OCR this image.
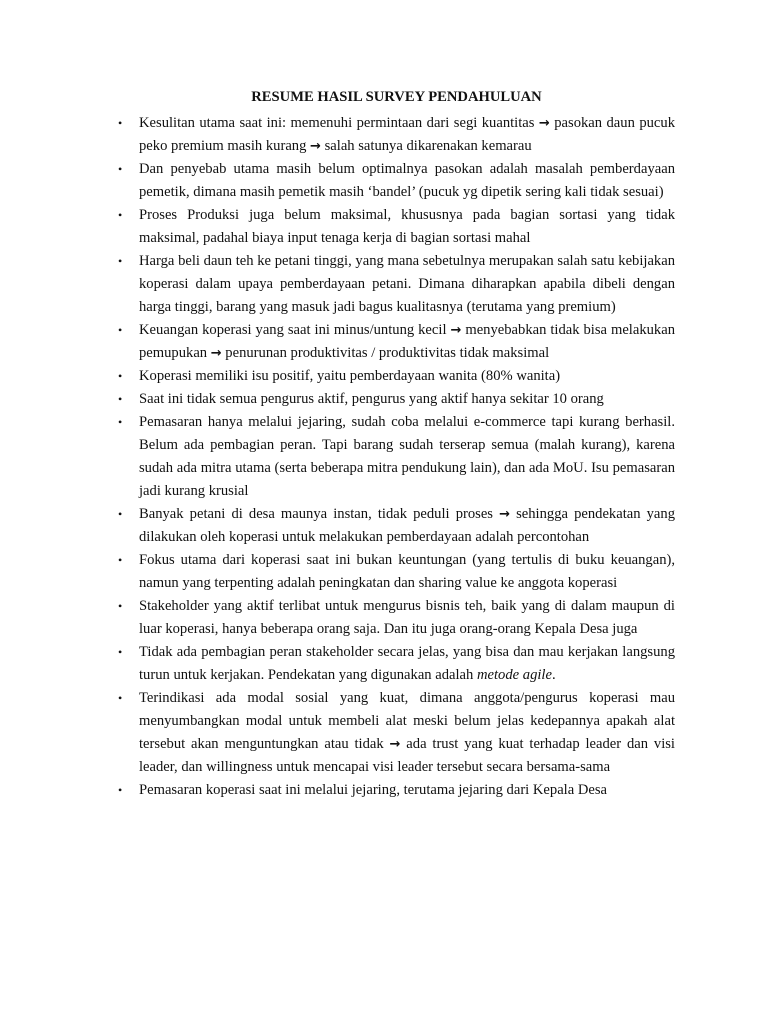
RESUME HASIL SURVEY PENDAHULUAN
• Kesulitan utama saat ini: memenuhi permintaan dari segi kuantitas → pasokan daun pucuk peko premium masih kurang → salah satunya dikarenakan kemarau
• Dan penyebab utama masih belum optimalnya pasokan adalah masalah pemberdayaan pemetik, dimana masih pemetik masih ‘bandel’ (pucuk yg dipetik sering kali tidak sesuai)
• Proses Produksi juga belum maksimal, khususnya pada bagian sortasi yang tidak maksimal, padahal biaya input tenaga kerja di bagian sortasi mahal
• Harga beli daun teh ke petani tinggi, yang mana sebetulnya merupakan salah satu kebijakan koperasi dalam upaya pemberdayaan petani. Dimana diharapkan apabila dibeli dengan harga tinggi, barang yang masuk jadi bagus kualitasnya (terutama yang premium)
• Keuangan koperasi yang saat ini minus/untung kecil → menyebabkan tidak bisa melakukan pemupukan → penurunan produktivitas / produktivitas tidak maksimal
• Koperasi memiliki isu positif, yaitu pemberdayaan wanita (80% wanita)
• Saat ini tidak semua pengurus aktif, pengurus yang aktif hanya sekitar 10 orang
• Pemasaran hanya melalui jejaring, sudah coba melalui e-commerce tapi kurang berhasil. Belum ada pembagian peran. Tapi barang sudah terserap semua (malah kurang), karena sudah ada mitra utama (serta beberapa mitra pendukung lain), dan ada MoU. Isu pemasaran jadi kurang krusial
• Banyak petani di desa maunya instan, tidak peduli proses → sehingga pendekatan yang dilakukan oleh koperasi untuk melakukan pemberdayaan adalah percontohan
• Fokus utama dari koperasi saat ini bukan keuntungan (yang tertulis di buku keuangan), namun yang terpenting adalah peningkatan dan sharing value ke anggota koperasi
• Stakeholder yang aktif terlibat untuk mengurus bisnis teh, baik yang di dalam maupun di luar koperasi, hanya beberapa orang saja. Dan itu juga orang-orang Kepala Desa juga
• Tidak ada pembagian peran stakeholder secara jelas, yang bisa dan mau kerjakan langsung turun untuk kerjakan. Pendekatan yang digunakan adalah metode agile.
• Terindikasi ada modal sosial yang kuat, dimana anggota/pengurus koperasi mau menyumbangkan modal untuk membeli alat meski belum jelas kedepannya apakah alat tersebut akan menguntungkan atau tidak → ada trust yang kuat terhadap leader dan visi leader, dan willingness untuk mencapai visi leader tersebut secara bersama-sama
• Pemasaran koperasi saat ini melalui jejaring, terutama jejaring dari Kepala Desa
